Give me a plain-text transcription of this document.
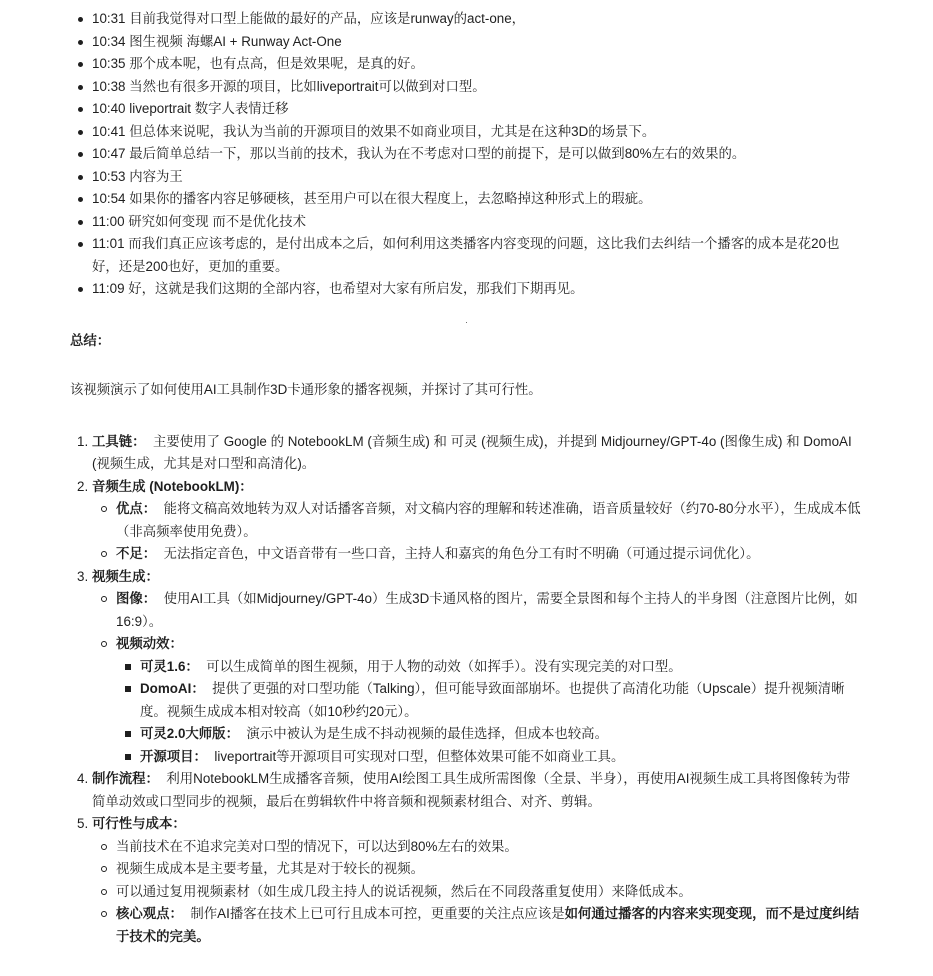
10:31 目前我觉得对口型上能做的最好的产品，应该是runway的act-one，
10:34 图生视频 海螺AI + Runway Act-One
10:35 那个成本呢，也有点高，但是效果呢，是真的好。
10:38 当然也有很多开源的项目，比如liveportrait可以做到对口型。
10:40 liveportrait 数字人表情迁移
10:41 但总体来说呢，我认为当前的开源项目的效果不如商业项目，尤其是在这种3D的场景下。
10:47 最后简单总结一下，那以当前的技术，我认为在不考虑对口型的前提下，是可以做到80%左右的效果的。
10:53 内容为王
10:54 如果你的播客内容足够硬核，甚至用户可以在很大程度上，去忽略掉这种形式上的瑕疵。
11:00 研究如何变现 而不是优化技术
11:01 而我们真正应该考虑的，是付出成本之后，如何利用这类播客内容变现的问题，这比我们去纠结一个播客的成本是花20也好，还是200也好，更加的重要。
11:09 好，这就是我们这期的全部内容，也希望对大家有所启发，那我们下期再见。
.
总结：
该视频演示了如何使用AI工具制作3D卡通形象的播客视频，并探讨了其可行性。
1. 工具链： 主要使用了 Google 的 NotebookLM (音频生成) 和 可灵 (视频生成)，并提到 Midjourney/GPT-4o (图像生成) 和 DomoAI (视频生成，尤其是对口型和高清化)。
2. 音频生成 (NotebookLM)：
优点： 能将文稿高效地转为双人对话播客音频，对文稿内容的理解和转述准确，语音质量较好（约70-80分水平），生成成本低（非高频率使用免费）。
不足： 无法指定音色，中文语音带有一些口音，主持人和嘉宾的角色分工有时不明确（可通过提示词优化）。
3. 视频生成：
图像： 使用AI工具（如Midjourney/GPT-4o）生成3D卡通风格的图片，需要全景图和每个主持人的半身图（注意图片比例，如16:9）。
视频动效：
可灵1.6： 可以生成简单的图生视频，用于人物的动效（如挥手）。没有实现完美的对口型。
DomoAI： 提供了更强的对口型功能（Talking），但可能导致面部崩坏。也提供了高清化功能（Upscale）提升视频清晰度。视频生成成本相对较高（如10秒约20元）。
可灵2.0大师版： 演示中被认为是生成不抖动视频的最佳选择，但成本也较高。
开源项目： liveportrait等开源项目可实现对口型，但整体效果可能不如商业工具。
4. 制作流程： 利用NotebookLM生成播客音频，使用AI绘图工具生成所需图像（全景、半身），再使用AI视频生成工具将图像转为带简单动效或口型同步的视频，最后在剪辑软件中将音频和视频素材组合、对齐、剪辑。
5. 可行性与成本：
当前技术在不追求完美对口型的情况下，可以达到80%左右的效果。
视频生成成本是主要考量，尤其是对于较长的视频。
可以通过复用视频素材（如生成几段主持人的说话视频，然后在不同段落重复使用）来降低成本。
核心观点： 制作AI播客在技术上已可行且成本可控，更重要的关注点应该是如何通过播客的内容来实现变现，而不是过度纠结于技术的完美。
